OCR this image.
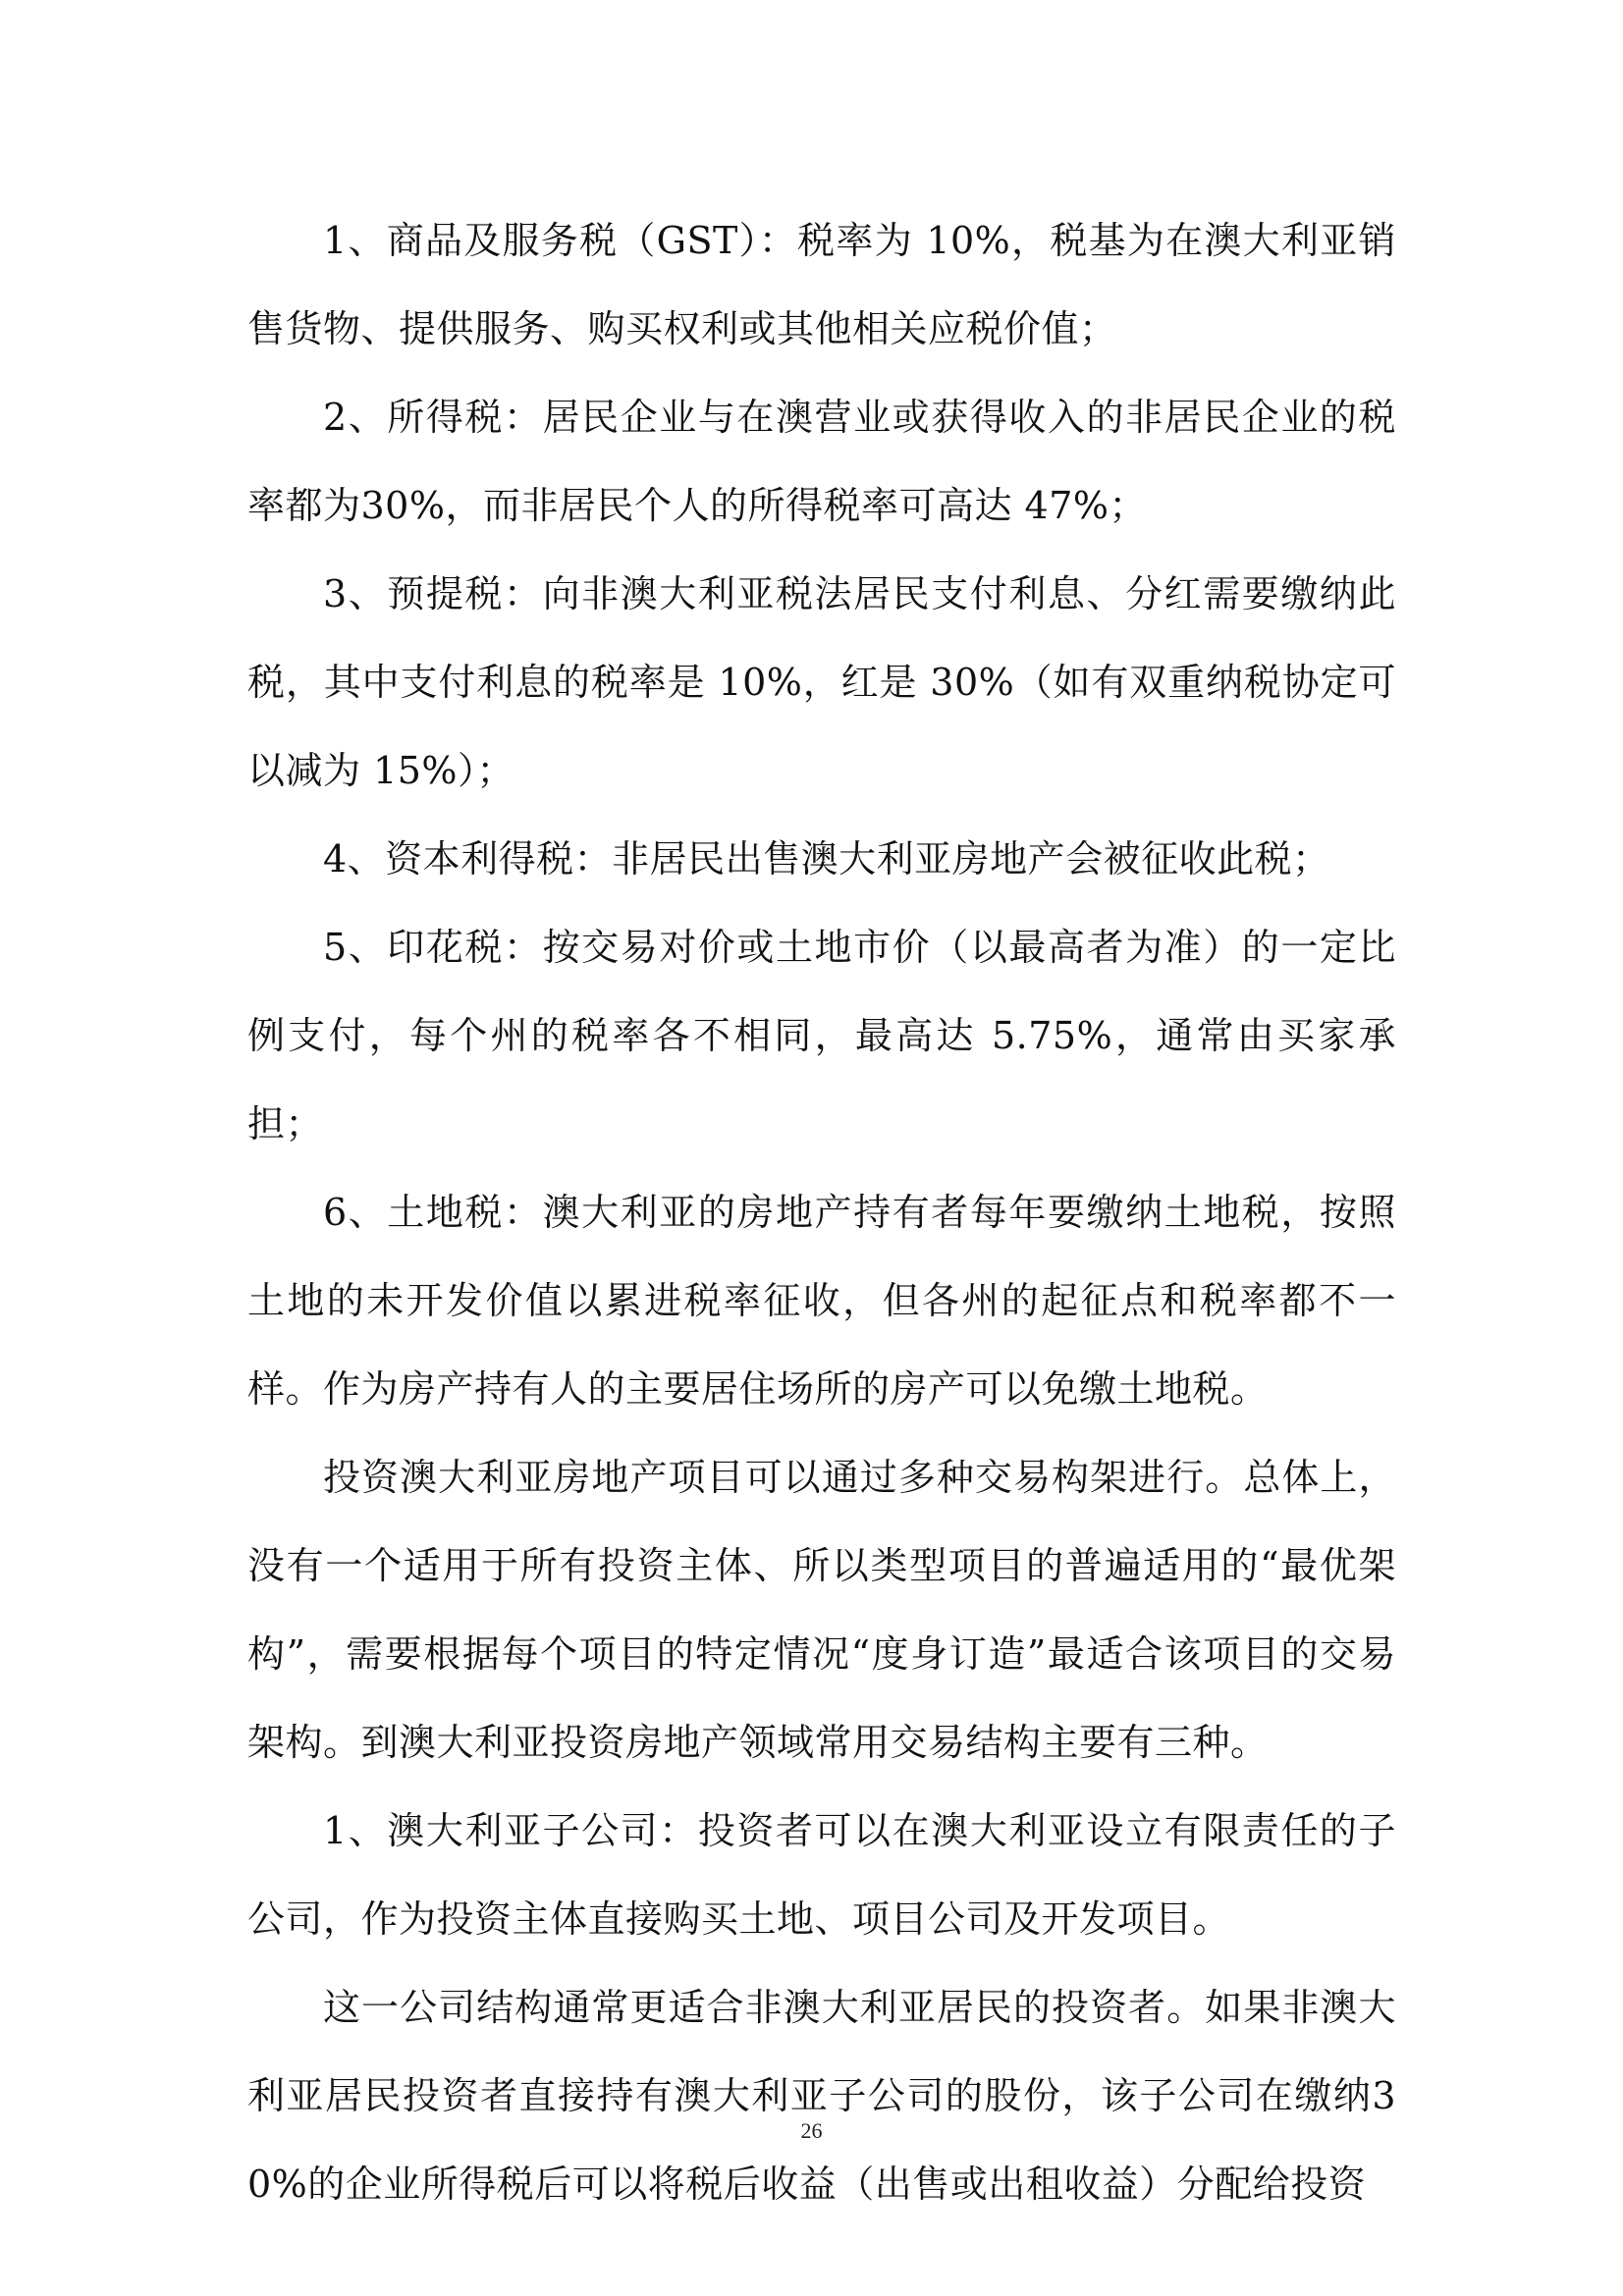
1、商品及服务税（GST）：税率为 10%，税基为在澳大利亚销售货物、提供服务、购买权利或其他相关应税价值；

2、所得税：居民企业与在澳营业或获得收入的非居民企业的税率都为30%，而非居民个人的所得税率可高达 47%；

3、预提税：向非澳大利亚税法居民支付利息、分红需要缴纳此税，其中支付利息的税率是 10%，红是 30%（如有双重纳税协定可以减为 15%）；

4、资本利得税：非居民出售澳大利亚房地产会被征收此税；

5、印花税：按交易对价或土地市价（以最高者为准）的一定比例支付，每个州的税率各不相同，最高达 5.75%，通常由买家承担；

6、土地税：澳大利亚的房地产持有者每年要缴纳土地税，按照土地的未开发价值以累进税率征收，但各州的起征点和税率都不一样。作为房产持有人的主要居住场所的房产可以免缴土地税。

投资澳大利亚房地产项目可以通过多种交易构架进行。总体上，没有一个适用于所有投资主体、所以类型项目的普遍适用的“最优架构”，需要根据每个项目的特定情况“度身订造”最适合该项目的交易架构。到澳大利亚投资房地产领域常用交易结构主要有三种。

1、澳大利亚子公司：投资者可以在澳大利亚设立有限责任的子公司，作为投资主体直接购买土地、项目公司及开发项目。

这一公司结构通常更适合非澳大利亚居民的投资者。如果非澳大利亚居民投资者直接持有澳大利亚子公司的股份，该子公司在缴纳30%的企业所得税后可以将税后收益（出售或出租收益）分配给投资

26
